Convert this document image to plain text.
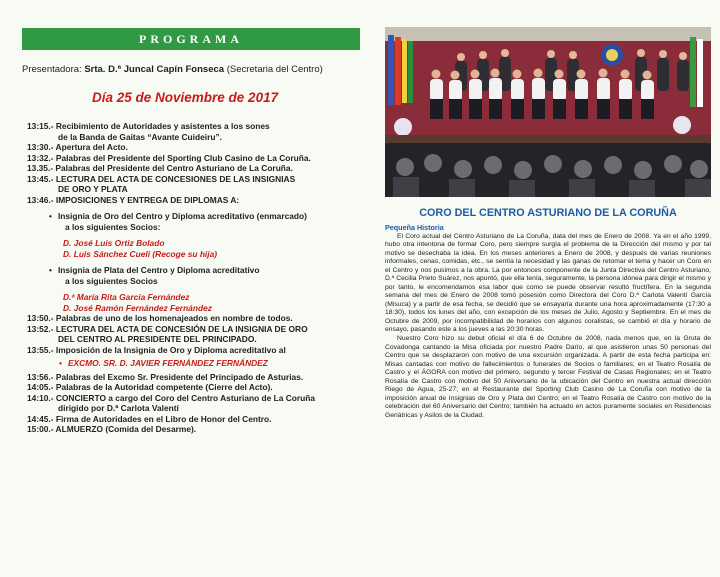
PROGRAMA
Presentadora: Srta. D.ª Juncal Capín Fonseca (Secretaria del Centro)
Día 25 de Noviembre de 2017
13:15.- Recibimiento de Autoridades y asistentes a los sones
de la Banda de Gaitas “Avante Cuideiru”.
13:30.- Apertura del Acto.
13:32.- Palabras del Presidente del Sporting Club Casino de La Coruña.
13.35.- Palabras del Presidente del Centro Asturiano de La Coruña.
13:45.- LECTURA DEL ACTA DE CONCESIONES DE LAS INSIGNIAS
DE ORO Y PLATA
13:46.- IMPOSICIONES Y ENTREGA DE DIPLOMAS A:
• Insignia de Oro del Centro y Diploma acreditativo (enmarcado)
a los siguientes Socios:
D. José Luis Ortiz Bolado
D. Luis Sánchez Cueli (Recoge su hija)
• Insignia de Plata del Centro y Diploma acreditativo
a los siguientes Socios
D.ª María Rita García Fernández
D. José Ramón Fernández Fernández
13:50.- Palabras de uno de los homenajeados en nombre de todos.
13:52.- LECTURA DEL ACTA DE CONCESIÓN DE LA INSIGNIA DE ORO
DEL CENTRO AL PRESIDENTE DEL PRINCIPADO.
13:55.- Imposición de la Insignia de Oro y Diploma acreditativo al
• EXCMO. SR. D. JAVIER FERNÁNDEZ FERNÁNDEZ
13:56.- Palabras del Excmo Sr. Presidente del Principado de Asturias.
14:05.- Palabras de la Autoridad competente (Cierre del Acto).
14:10.- CONCIERTO a cargo del Coro del Centro Asturiano de La Coruña
dirigido por D.ª Carlota Valentí
14:45.- Firma de Autoridades en el Libro de Honor del Centro.
15:00.- ALMUERZO (Comida del Desarme).
CORO DEL CENTRO ASTURIANO DE LA CORUÑA
Pequeña Historia

El Coro actual del Centro Asturiano de La Coruña, data del mes de Enero de 2008. Ya en el año 1999, hubo otra intentona de formar Coro, pero siempre surgía el problema de la Dirección del mismo y por tal motivo se desechaba la idea. En los meses anteriores a Enero de 2008, y después de varias reuniones informales, cenas, comidas, etc., se sentía la necesidad y las ganas de retomar el tema y hacer un Coro en el Centro y nos pusimos a la obra. La por entonces componente de la Junta Directiva del Centro Asturiano, D.ª Cecilia Prieto Suárez, nos apuntó, que ella tenía, seguramente, la persona idónea para dirigir el mismo y por tanto, le encomendamos esa labor que como se puede observar resultó fructífera. En la segunda semana del mes de Enero de 2008 tomó posesión como Directora del Coro D.ª Carlota Valentí García (Misuca) y a partir de esa fecha, se decidió que se ensayaría durante una hora aproximadamente (17:30 a 18:30), todos los lunes del año, con excepción de los meses de Julio, Agosto y Septiembre. En el mes de Octubre de 2009, por incompatibilidad de horarios con algunos coralistas, se cambió el día y horario de ensayo, pasando este a los jueves a las 20:30 horas.

Nuestro Coro hizo su debut oficial el día 6 de Octubre de 2008, nada menos que, en la Gruta de Covadonga cantando la Misa oficiada por nuestro Padre Darío, al que asistieron unas 50 personas del Centro que se desplazaron con motivo de una excursión organizada. A partir de esta fecha participa en: Misas cantadas con motivo de fallecimientos o funerales de Socios o familiares; en el Teatro Rosalía de Castro y el ÁGORA con motivo del primero, segundo y tercer Festival de Casas Regionales; en el Teatro Rosalía de Castro con motivo del 50 Aniversario de la ubicación del Centro en nuestra actual dirección Riego de Agua, 25-27; en el Restaurante del Sporting Club Casino de La Coruña con motivo de la imposición anual de Insignias de Oro y Plata del Centro; en el Teatro Rosalía de Castro con motivo de la celebración del 60 Aniversario del Centro; también ha actuado en actos puramente sociales en Residencias Geriátricas y Asilos de la Ciudad.
